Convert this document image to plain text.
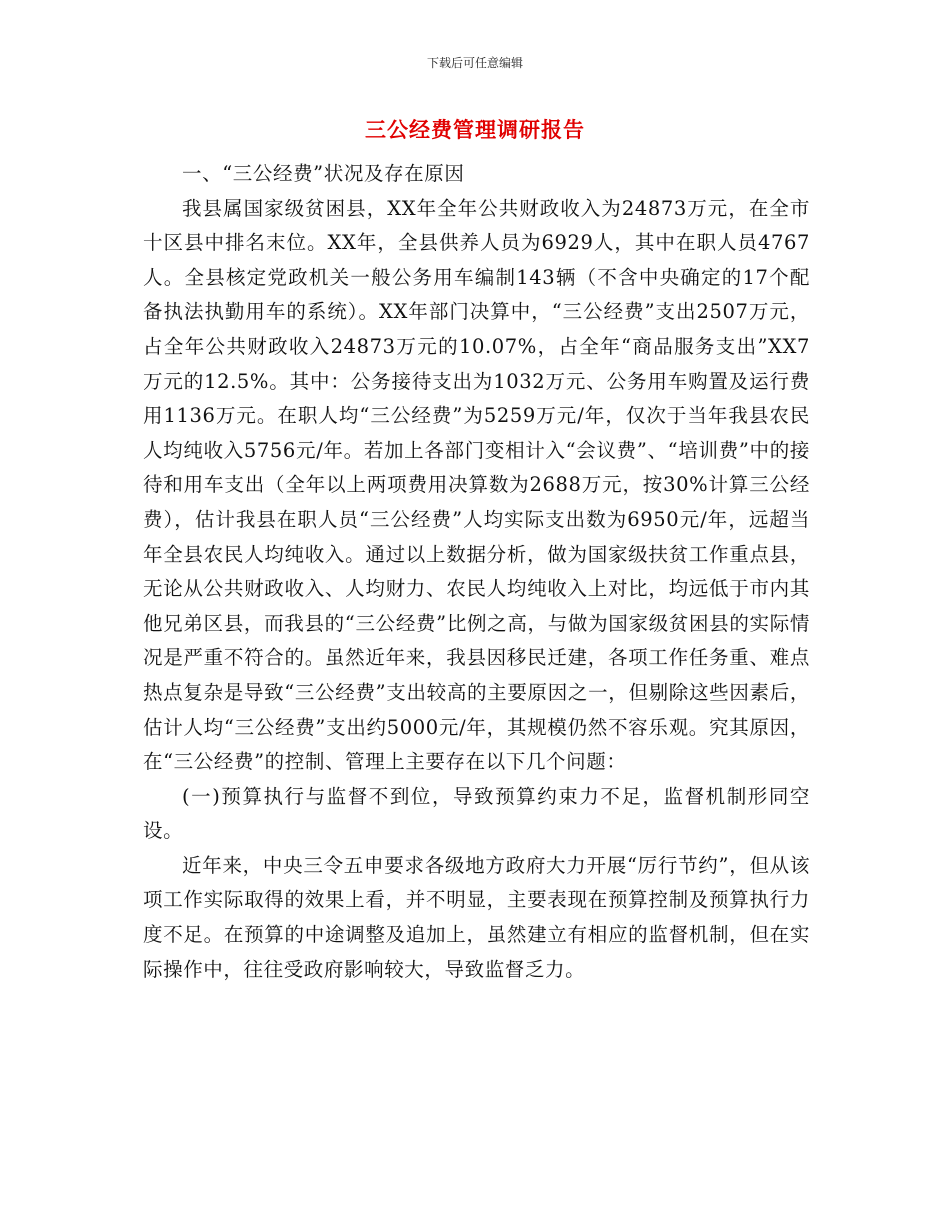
下载后可任意编辑
三公经费管理调研报告

一、“三公经费”状况及存在原因

我县属国家级贫困县，XX年全年公共财政收入为24873万元，在全市十区县中排名末位。XX年，全县供养人员为6929人，其中在职人员4767人。全县核定党政机关一般公务用车编制143辆（不含中央确定的17个配备执法执勤用车的系统）。XX年部门决算中，“三公经费”支出2507万元，占全年公共财政收入24873万元的10.07%，占全年“商品服务支出”XX7万元的12.5%。其中：公务接待支出为1032万元、公务用车购置及运行费用1136万元。在职人均“三公经费”为5259万元/年，仅次于当年我县农民人均纯收入5756元/年。若加上各部门变相计入“会议费”、“培训费”中的接待和用车支出（全年以上两项费用决算数为2688万元，按30%计算三公经费），估计我县在职人员“三公经费”人均实际支出数为6950元/年，远超当年全县农民人均纯收入。通过以上数据分析，做为国家级扶贫工作重点县，无论从公共财政收入、人均财力、农民人均纯收入上对比，均远低于市内其他兄弟区县，而我县的“三公经费”比例之高，与做为国家级贫困县的实际情况是严重不符合的。虽然近年来，我县因移民迁建，各项工作任务重、难点热点复杂是导致“三公经费”支出较高的主要原因之一，但剔除这些因素后，估计人均“三公经费”支出约5000元/年，其规模仍然不容乐观。究其原因，在“三公经费”的控制、管理上主要存在以下几个问题：

(一)预算执行与监督不到位，导致预算约束力不足，监督机制形同空设。

近年来，中央三令五申要求各级地方政府大力开展“厉行节约”，但从该项工作实际取得的效果上看，并不明显，主要表现在预算控制及预算执行力度不足。在预算的中途调整及追加上，虽然建立有相应的监督机制，但在实际操作中，往往受政府影响较大，导致监督乏力。
